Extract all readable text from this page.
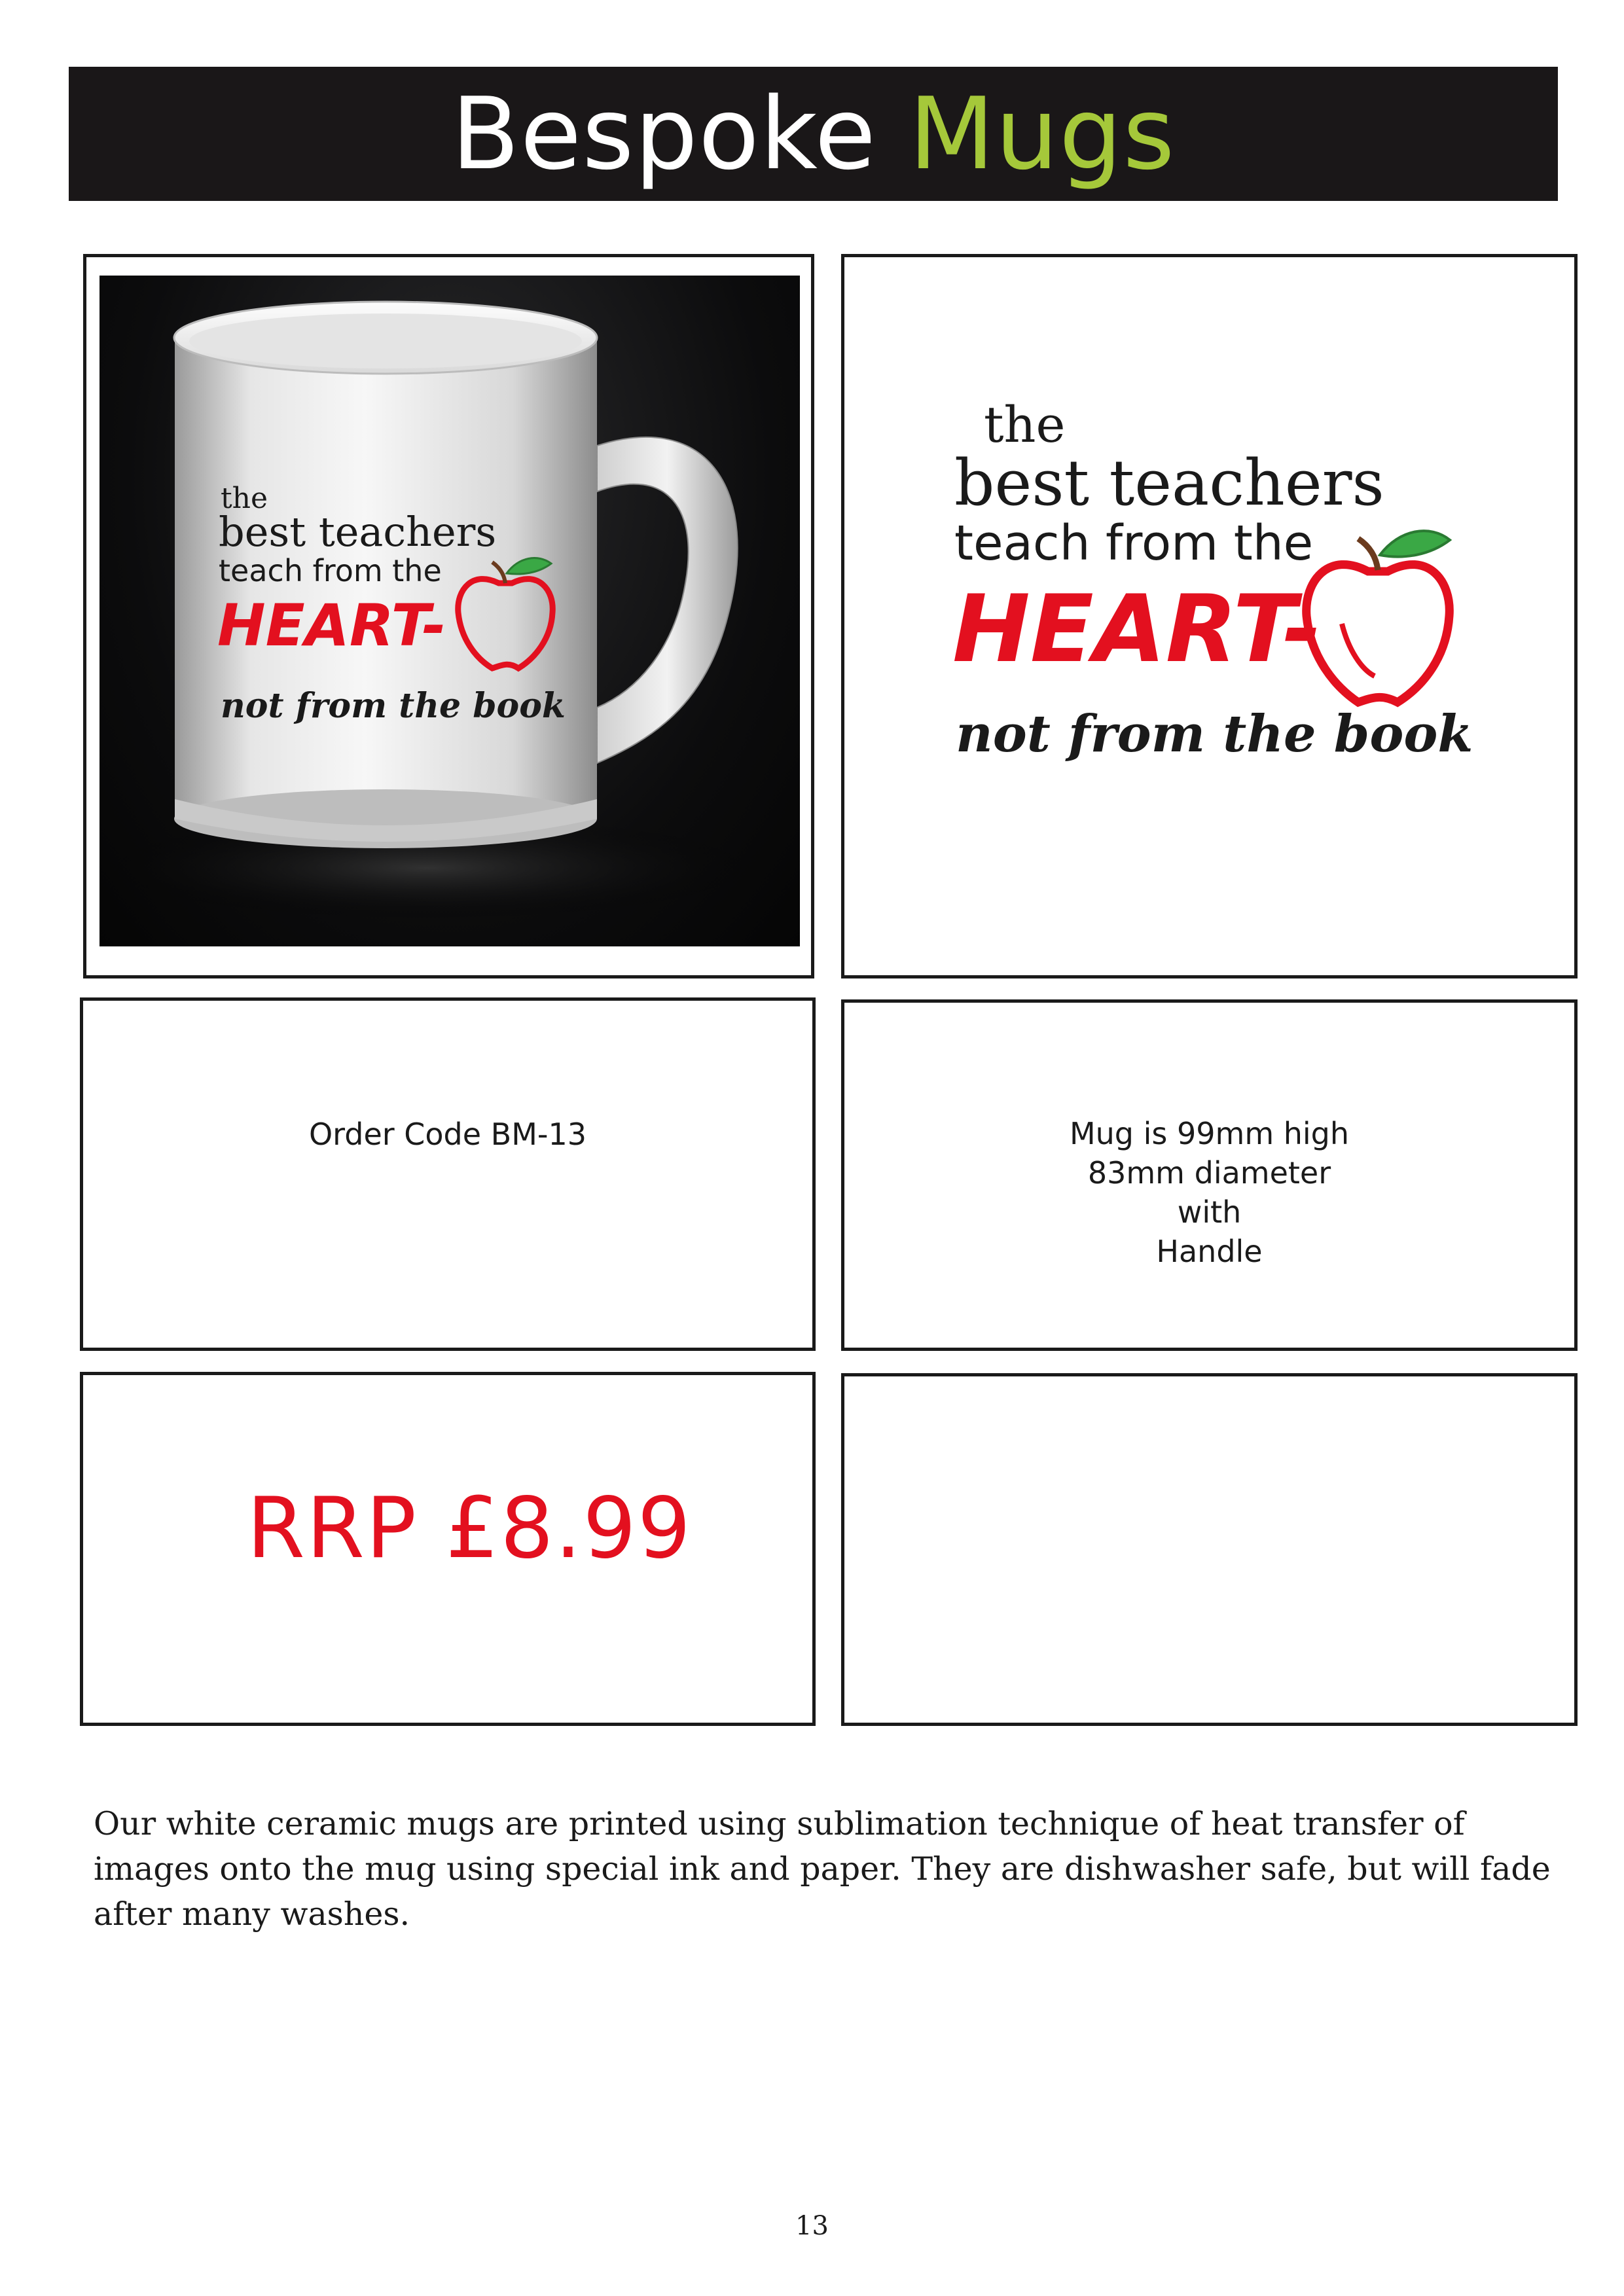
Bespoke Mugs
the
best teachers
teach from the
HEART-
not from the book
the
best teachers
teach from the
HEART-
not from the book
Order Code BM-13	Mug is 99mm high
83mm diameter
with
Handle
RRP £8.99
Our white ceramic mugs are printed using sublimation technique of heat transfer of images onto the mug using special ink and paper. They are dishwasher safe, but will fade after many washes.
13
